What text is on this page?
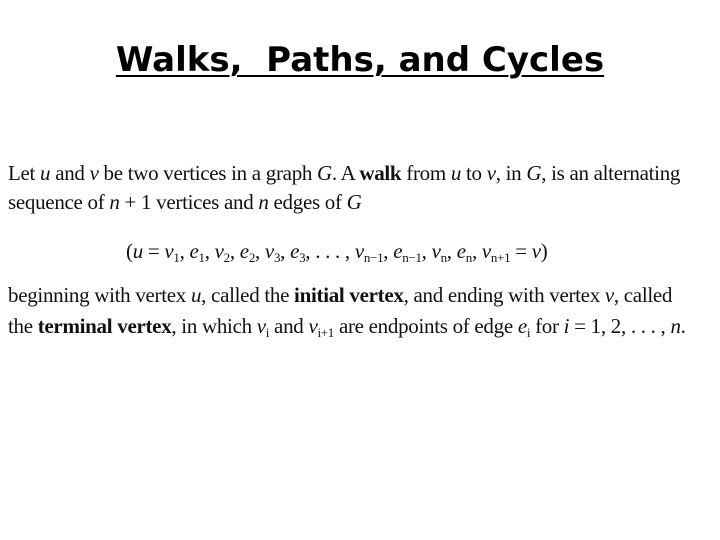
Walks,  Paths, and Cycles
Let u and v be two vertices in a graph G. A walk from u to v, in G, is an alternating
sequence of n + 1 vertices and n edges of G
($u = v_1$, $e_1$, $v_2$, $e_2$, $v_3$, $e_3$, . . . , $v_{n-1}$, $e_{n-1}$, $v_n$, $e_n$, $v_{n+1} = v$)
beginning with vertex u, called the initial vertex, and ending with vertex v, called
the terminal vertex, in which $v_i$ and $v_{i+1}$ are endpoints of edge $e_i$ for i = 1, 2, . . . , n.
